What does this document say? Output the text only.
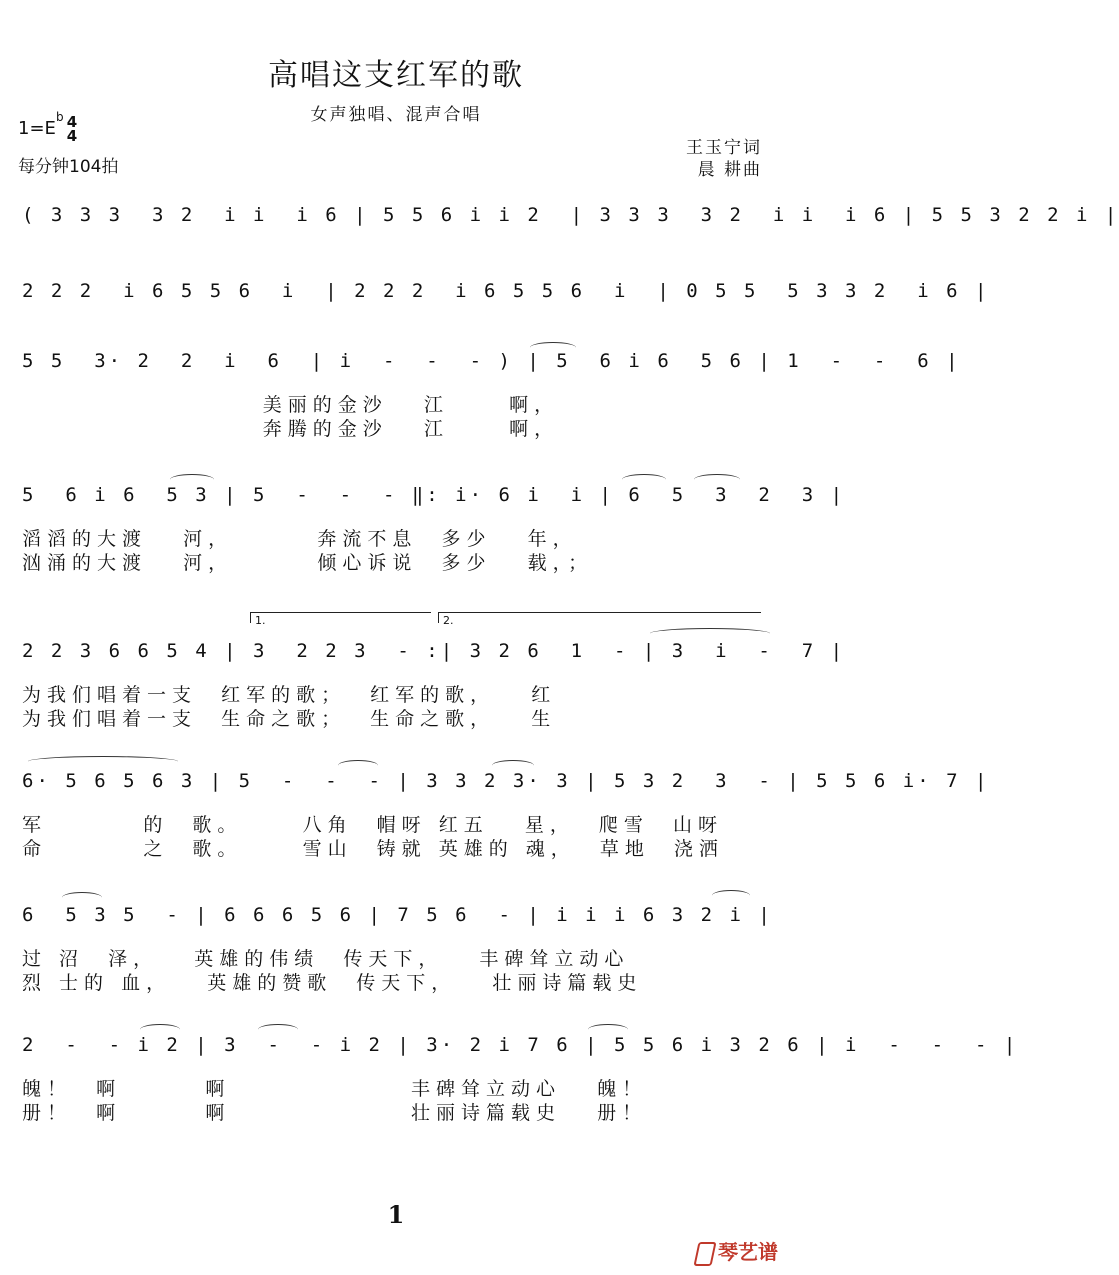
高唱这支红军的歌
女声独唱、混声合唱
1=
b
E 4
4
每分钟104拍
王玉宁词
晨 耕曲
( 3 3 3  3 2  i i  i 6 | 5 5 6 i i 2  | 3 3 3  3 2  i i  i 6 | 5 5 3 2 2 i |
2 2 2  i 6 5 5 6  i  | 2 2 2  i 6 5 5 6  i  | 0 5 5  5 3 3 2  i 6 |
5 5  3· 2  2  i  6  | i  -  -  - ) | 5  6 i 6  5 6 | 1  -  -  6 |
美丽的金沙   江     啊，
奔腾的金沙   江     啊，
5  6 i 6  5 3 | 5  -  -  - ‖: i· 6 i  i | 6  5  3  2  3 |
滔滔的大渡   河，       奔流不息  多少   年，
汹涌的大渡   河，       倾心诉说  多少   载，；
1.	2.
2 2 3 6 6 5 4 | 3  2 2 3  - :| 3 2 6  1  - | 3  i  -  7 |
为我们唱着一支  红军的歌；  红军的歌，   红
为我们唱着一支  生命之歌；  生命之歌，   生
6· 5 6 5 6 3 | 5  -  -  - | 3 3 2 3· 3 | 5 3 2  3  - | 5 5 6 i· 7 |
军        的  歌。     八角  帽呀 红五   星，  爬雪  山呀
命        之  歌。     雪山  铸就 英雄的 魂，  草地  浇洒
6  5 3 5  - | 6 6 6 5 6 | 7 5 6  - | i i i 6 3 2 i |
过 沼  泽，   英雄的伟绩  传天下，   丰碑耸立动心
烈 士的 血，   英雄的赞歌  传天下，   壮丽诗篇载史
2  -  - i 2 | 3  -  - i 2 | 3· 2 i 7 6 | 5 5 6 i 3 2 6 | i  -  -  - |
魄！  啊       啊               丰碑耸立动心   魄！
册！  啊       啊               壮丽诗篇载史   册！
1
琴艺谱
